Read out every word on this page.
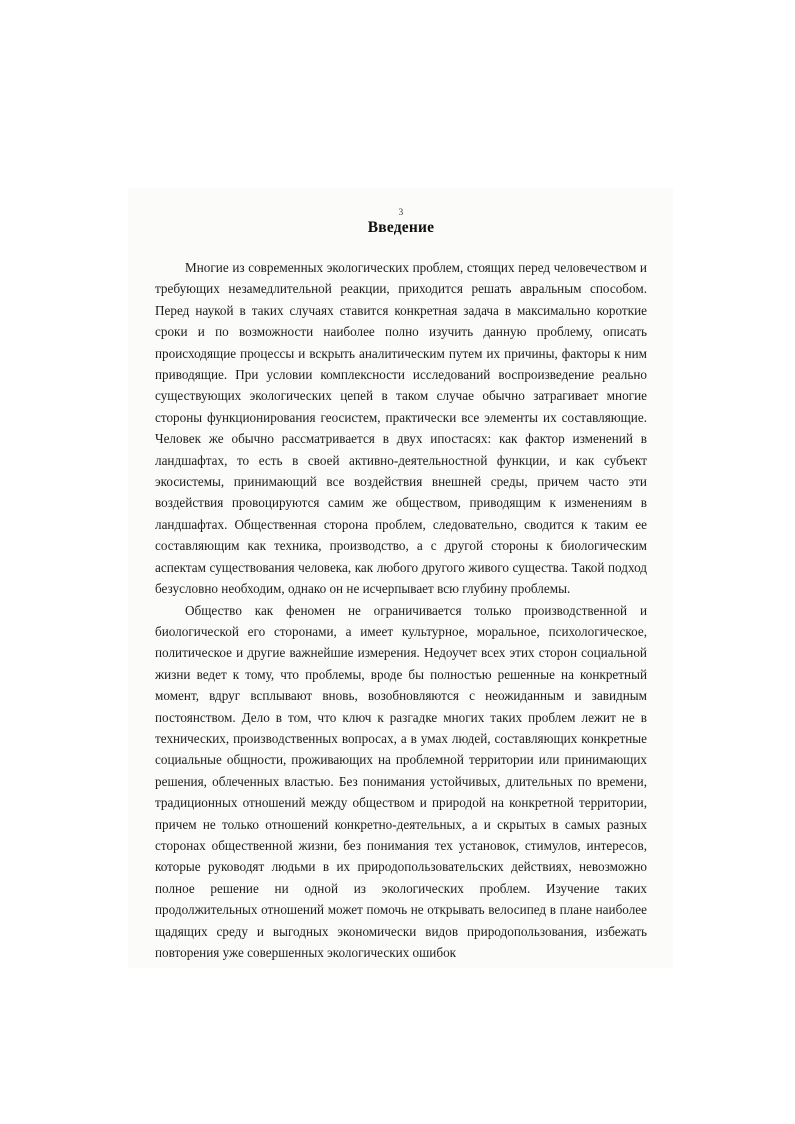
3
Введение

Многие из современных экологических проблем, стоящих перед человечеством и требующих незамедлительной реакции, приходится решать авральным способом. Перед наукой в таких случаях ставится конкретная задача в максимально короткие сроки и по возможности наиболее полно изучить данную проблему, описать происходящие процессы и вскрыть аналитическим путем их причины, факторы к ним приводящие. При условии комплексности исследований воспроизведение реально существующих экологических цепей в таком случае обычно затрагивает многие стороны функционирования геосистем, практически все элементы их составляющие. Человек же обычно рассматривается в двух ипостасях: как фактор изменений в ландшафтах, то есть в своей активно-деятельностной функции, и как субъект экосистемы, принимающий все воздействия внешней среды, причем часто эти воздействия провоцируются самим же обществом, приводящим к изменениям в ландшафтах. Общественная сторона проблем, следовательно, сводится к таким ее составляющим как техника, производство, а с другой стороны к биологическим аспектам существования человека, как любого другого живого существа. Такой подход безусловно необходим, однако он не исчерпывает всю глубину проблемы.

Общество как феномен не ограничивается только производственной и биологической его сторонами, а имеет культурное, моральное, психологическое, политическое и другие важнейшие измерения. Недоучет всех этих сторон социальной жизни ведет к тому, что проблемы, вроде бы полностью решенные на конкретный момент, вдруг всплывают вновь, возобновляются с неожиданным и завидным постоянством. Дело в том, что ключ к разгадке многих таких проблем лежит не в технических, производственных вопросах, а в умах людей, составляющих конкретные социальные общности, проживающих на проблемной территории или принимающих решения, облеченных властью. Без понимания устойчивых, длительных по времени, традиционных отношений между обществом и природой на конкретной территории, причем не только отношений конкретно-деятельных, а и скрытых в самых разных сторонах общественной жизни, без понимания тех установок, стимулов, интересов, которые руководят людьми в их природопользовательских действиях, невозможно полное решение ни одной из экологических проблем. Изучение таких продолжительных отношений может помочь не открывать велосипед в плане наиболее щадящих среду и выгодных экономически видов природопользования, избежать повторения уже совершенных экологических ошибок
